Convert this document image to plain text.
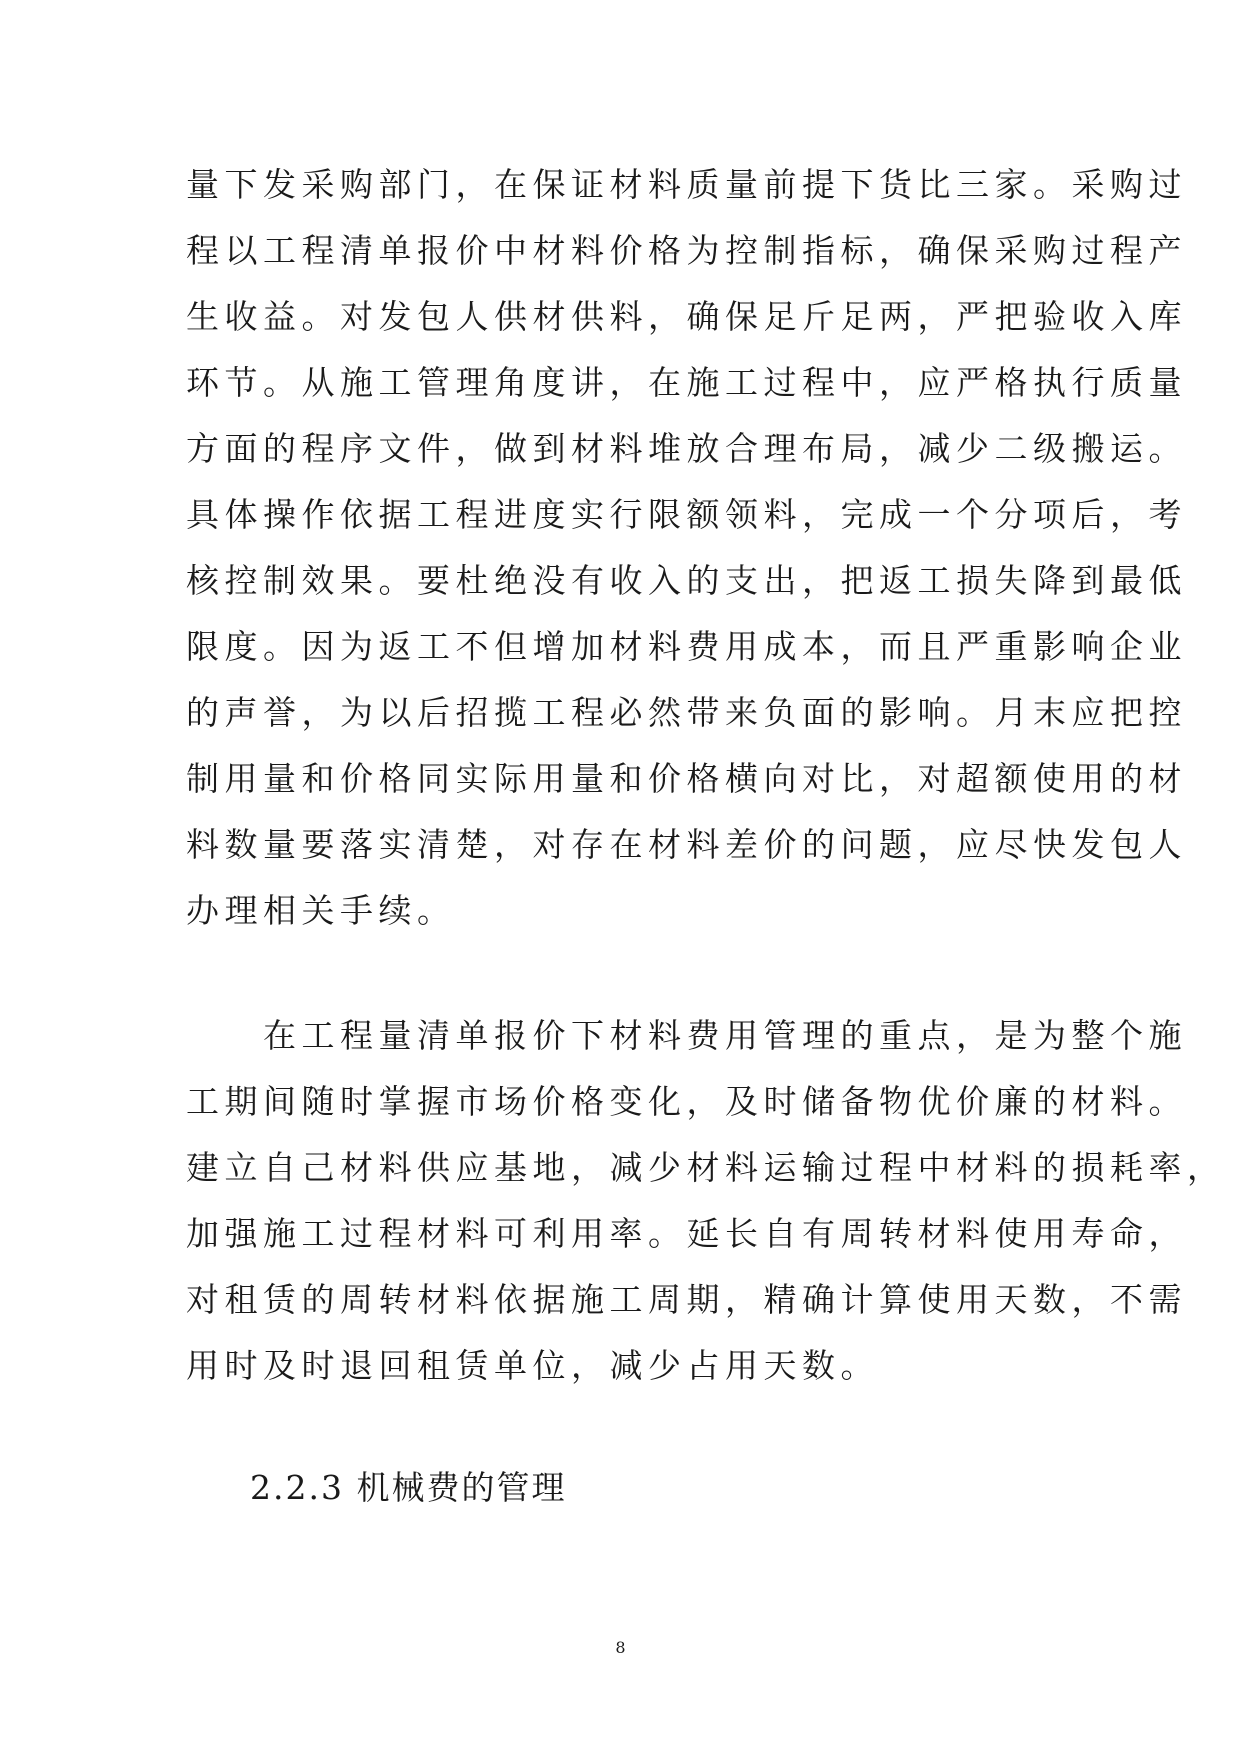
量下发采购部门，在保证材料质量前提下货比三家。采购过
程以工程清单报价中材料价格为控制指标，确保采购过程产
生收益。对发包人供材供料，确保足斤足两，严把验收入库
环节。从施工管理角度讲，在施工过程中，应严格执行质量
方面的程序文件，做到材料堆放合理布局，减少二级搬运。
具体操作依据工程进度实行限额领料，完成一个分项后，考
核控制效果。要杜绝没有收入的支出，把返工损失降到最低
限度。因为返工不但增加材料费用成本，而且严重影响企业
的声誉，为以后招揽工程必然带来负面的影响。月末应把控
制用量和价格同实际用量和价格横向对比，对超额使用的材
料数量要落实清楚，对存在材料差价的问题，应尽快发包人
办理相关手续。
　　在工程量清单报价下材料费用管理的重点，是为整个施
工期间随时掌握市场价格变化，及时储备物优价廉的材料。
建立自己材料供应基地，减少材料运输过程中材料的损耗率，
加强施工过程材料可利用率。延长自有周转材料使用寿命，
对租赁的周转材料依据施工周期，精确计算使用天数，不需
用时及时退回租赁单位，减少占用天数。
2.2.3 机械费的管理
8
